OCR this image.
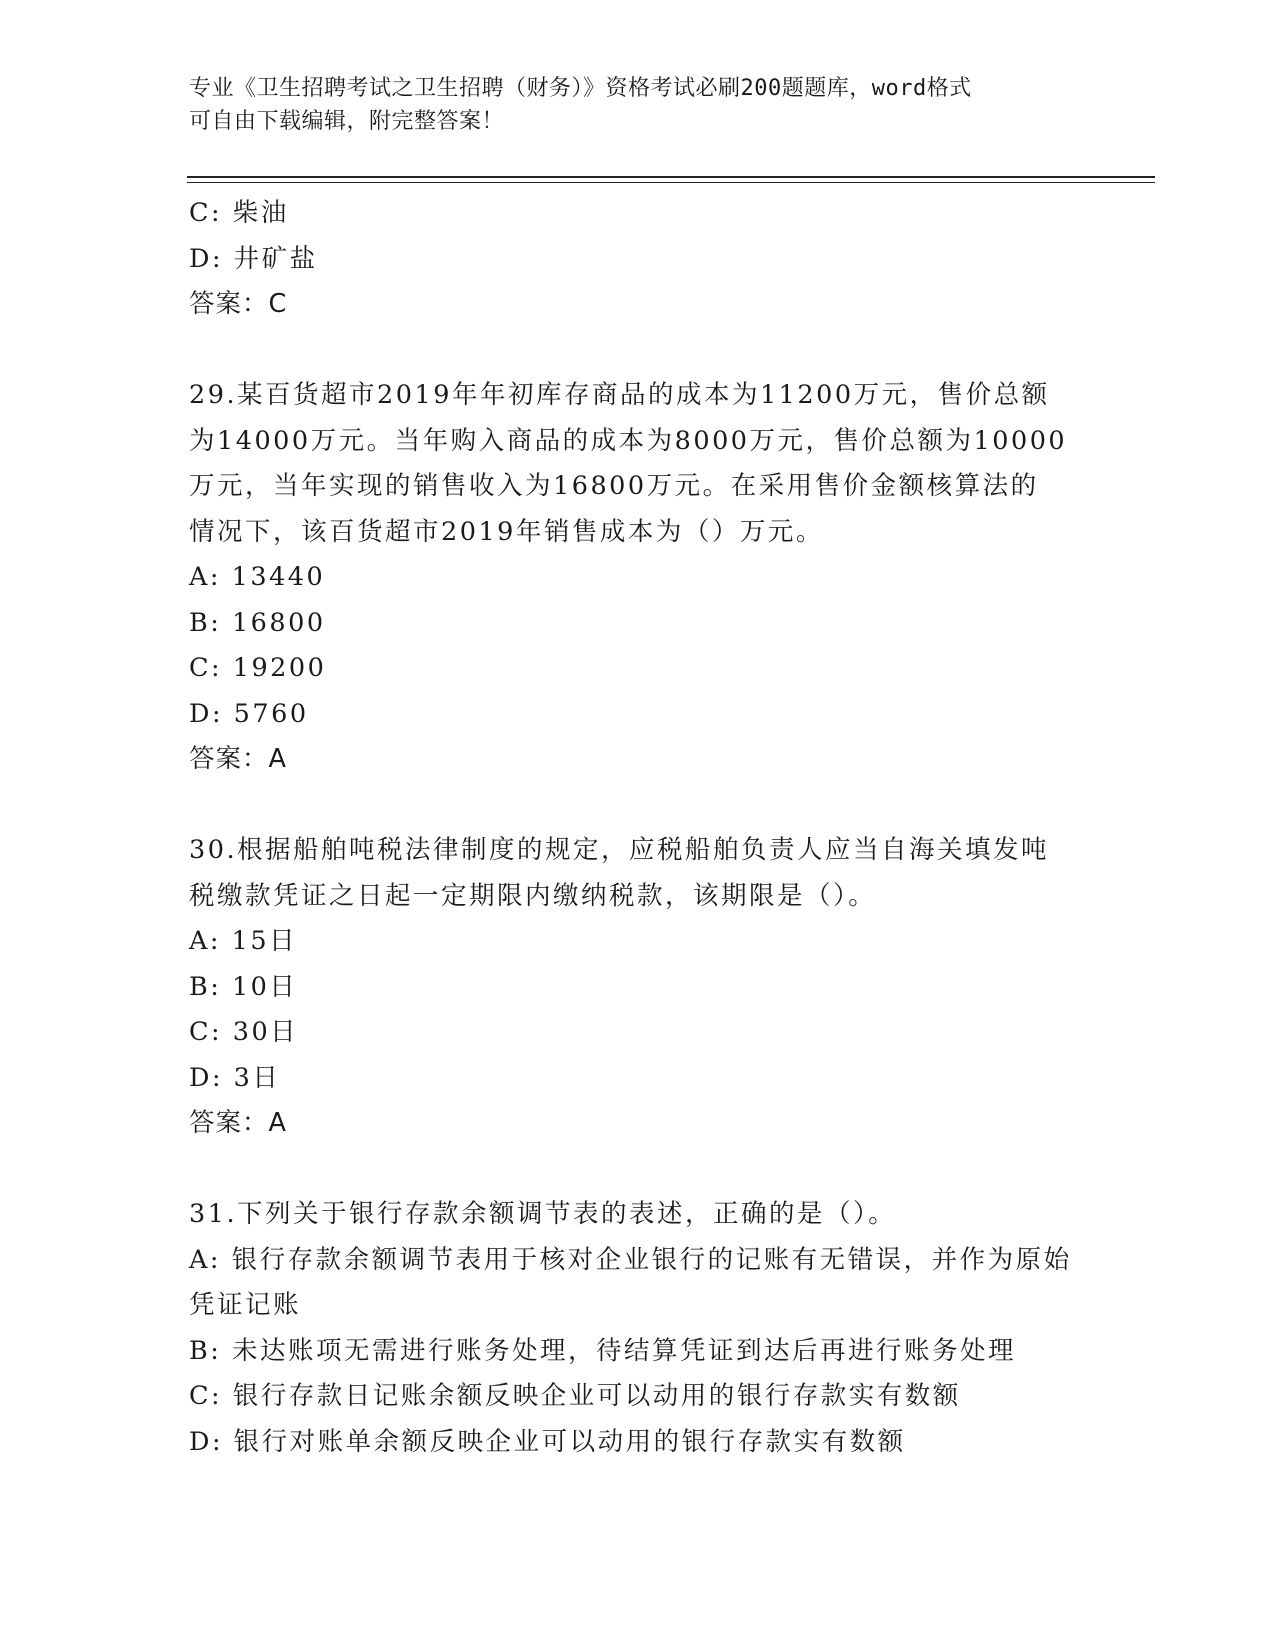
专业《卫生招聘考试之卫生招聘（财务）》资格考试必刷200题题库，word格式
可自由下载编辑，附完整答案！
C: 柴油
D: 井矿盐
答案：C
29.某百货超市2019年年初库存商品的成本为11200万元，售价总额
为14000万元。当年购入商品的成本为8000万元，售价总额为10000
万元，当年实现的销售收入为16800万元。在采用售价金额核算法的
情况下，该百货超市2019年销售成本为（）万元。
A: 13440
B: 16800
C: 19200
D: 5760
答案：A
30.根据船舶吨税法律制度的规定，应税船舶负责人应当自海关填发吨
税缴款凭证之日起一定期限内缴纳税款，该期限是（）。
A: 15日
B: 10日
C: 30日
D: 3日
答案：A
31.下列关于银行存款余额调节表的表述，正确的是（）。
A: 银行存款余额调节表用于核对企业银行的记账有无错误，并作为原始凭证记账
B: 未达账项无需进行账务处理，待结算凭证到达后再进行账务处理
C: 银行存款日记账余额反映企业可以动用的银行存款实有数额
D: 银行对账单余额反映企业可以动用的银行存款实有数额
